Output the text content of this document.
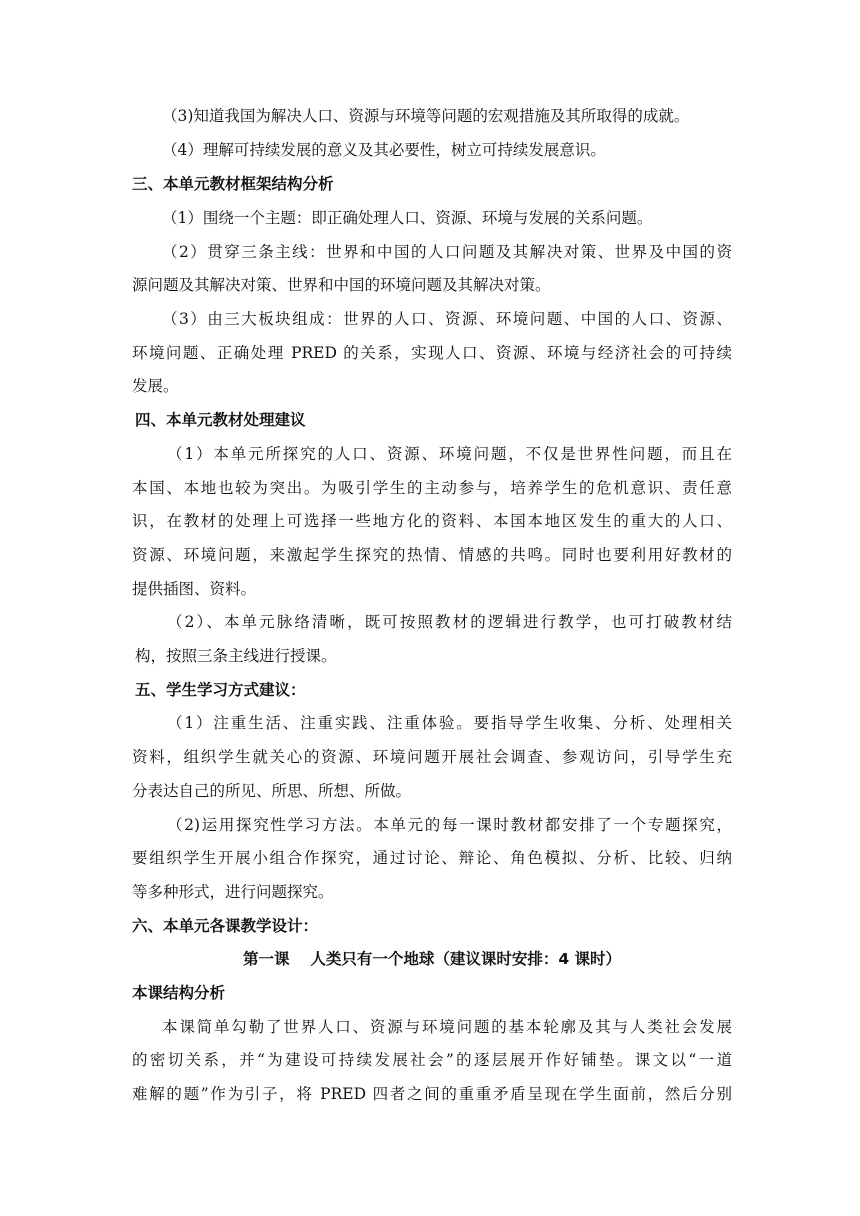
（3)知道我国为解决人口、资源与环境等问题的宏观措施及其所取得的成就。
（4）理解可持续发展的意义及其必要性，树立可持续发展意识。
三、本单元教材框架结构分析
（1）围绕一个主题：即正确处理人口、资源、环境与发展的关系问题。
（2）贯穿三条主线：世界和中国的人口问题及其解决对策、世界及中国的资
源问题及其解决对策、世界和中国的环境问题及其解决对策。
（3）由三大板块组成：世界的人口、资源、环境问题、中国的人口、资源、
环境问题、正确处理 PRED 的关系，实现人口、资源、环境与经济社会的可持续
发展。
四、本单元教材处理建议
（1）本单元所探究的人口、资源、环境问题，不仅是世界性问题，而且在
本国、本地也较为突出。为吸引学生的主动参与，培养学生的危机意识、责任意
识，在教材的处理上可选择一些地方化的资料、本国本地区发生的重大的人口、
资源、环境问题，来激起学生探究的热情、情感的共鸣。同时也要利用好教材的
提供插图、资料。
（2）、本单元脉络清晰，既可按照教材的逻辑进行教学，也可打破教材结
构，按照三条主线进行授课。
五、学生学习方式建议：
（1）注重生活、注重实践、注重体验。要指导学生收集、分析、处理相关
资料，组织学生就关心的资源、环境问题开展社会调查、参观访问，引导学生充
分表达自己的所见、所思、所想、所做。
（2)运用探究性学习方法。本单元的每一课时教材都安排了一个专题探究，
要组织学生开展小组合作探究，通过讨论、辩论、角色模拟、分析、比较、归纳
等多种形式，进行问题探究。
六、本单元各课教学设计：
第一课　 人类只有一个地球（建议课时安排：4 课时）
本课结构分析
本课简单勾勒了世界人口、资源与环境问题的基本轮廓及其与人类社会发展
的密切关系，并“为建设可持续发展社会”的逐层展开作好铺垫。课文以“一道
难解的题”作为引子，将 PRED 四者之间的重重矛盾呈现在学生面前，然后分别
